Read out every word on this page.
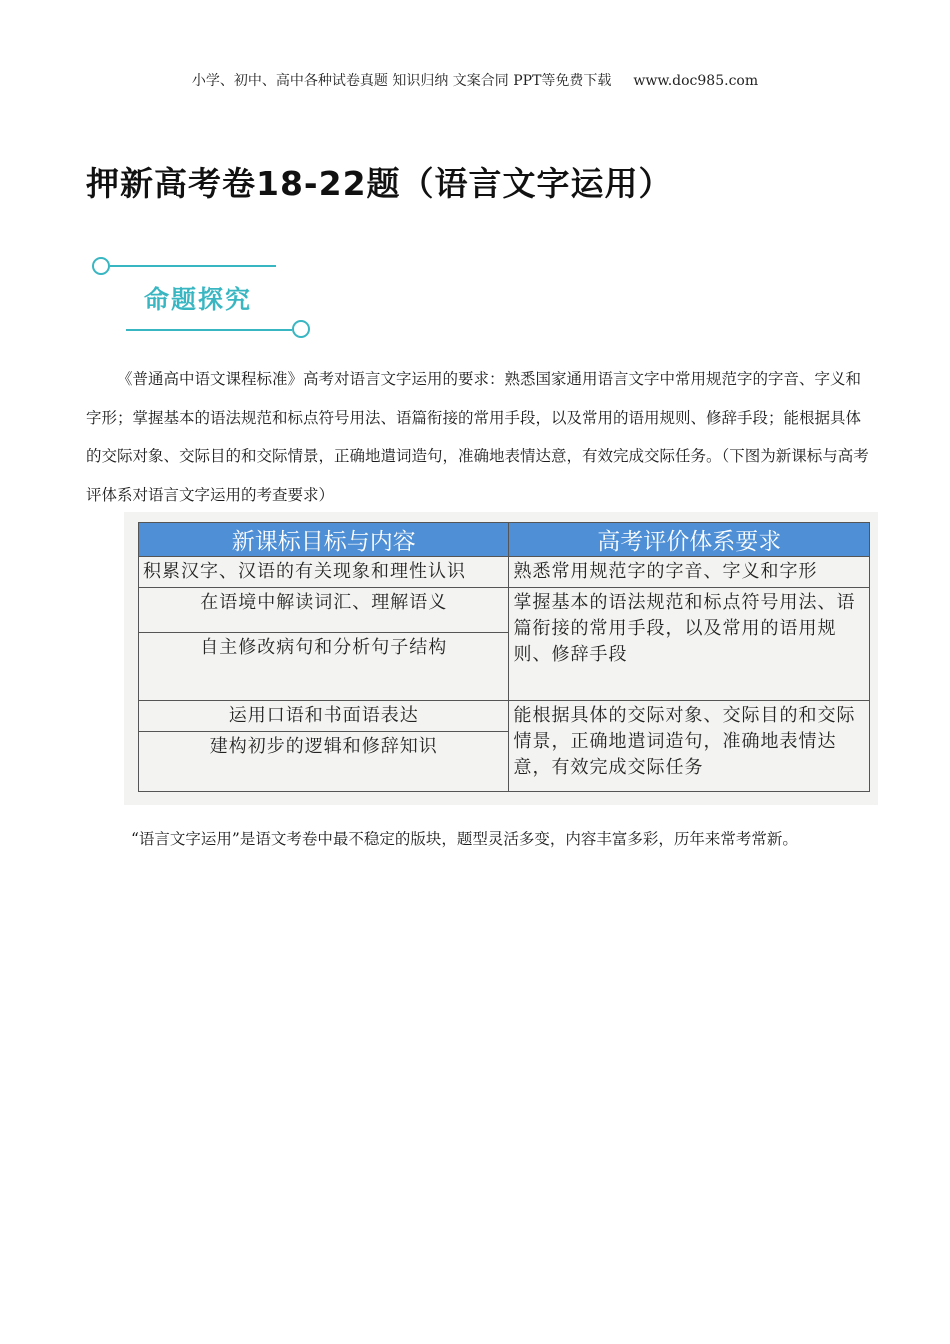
小学、初中、高中各种试卷真题 知识归纳 文案合同 PPT等免费下载 www.doc985.com
押新高考卷18-22题（语言文字运用）
命题探究
《普通高中语文课程标准》高考对语言文字运用的要求：熟悉国家通用语言文字中常用规范字的字音、字义和字形；掌握基本的语法规范和标点符号用法、语篇衔接的常用手段，以及常用的语用规则、修辞手段；能根据具体的交际对象、交际目的和交际情景，正确地遣词造句，准确地表情达意，有效完成交际任务。（下图为新课标与高考评体系对语言文字运用的考查要求）
新课标目标与内容	高考评价体系要求
积累汉字、汉语的有关现象和理性认识	熟悉常用规范字的字音、字义和字形
在语境中解读词汇、理解语义	掌握基本的语法规范和标点符号用法、语篇衔接的常用手段，以及常用的语用规则、修辞手段
自主修改病句和分析句子结构	
运用口语和书面语表达	能根据具体的交际对象、交际目的和交际情景，正确地遣词造句，准确地表情达意，有效完成交际任务
建构初步的逻辑和修辞知识	
“语言文字运用”是语文考卷中最不稳定的版块，题型灵活多变，内容丰富多彩，历年来常考常新。
